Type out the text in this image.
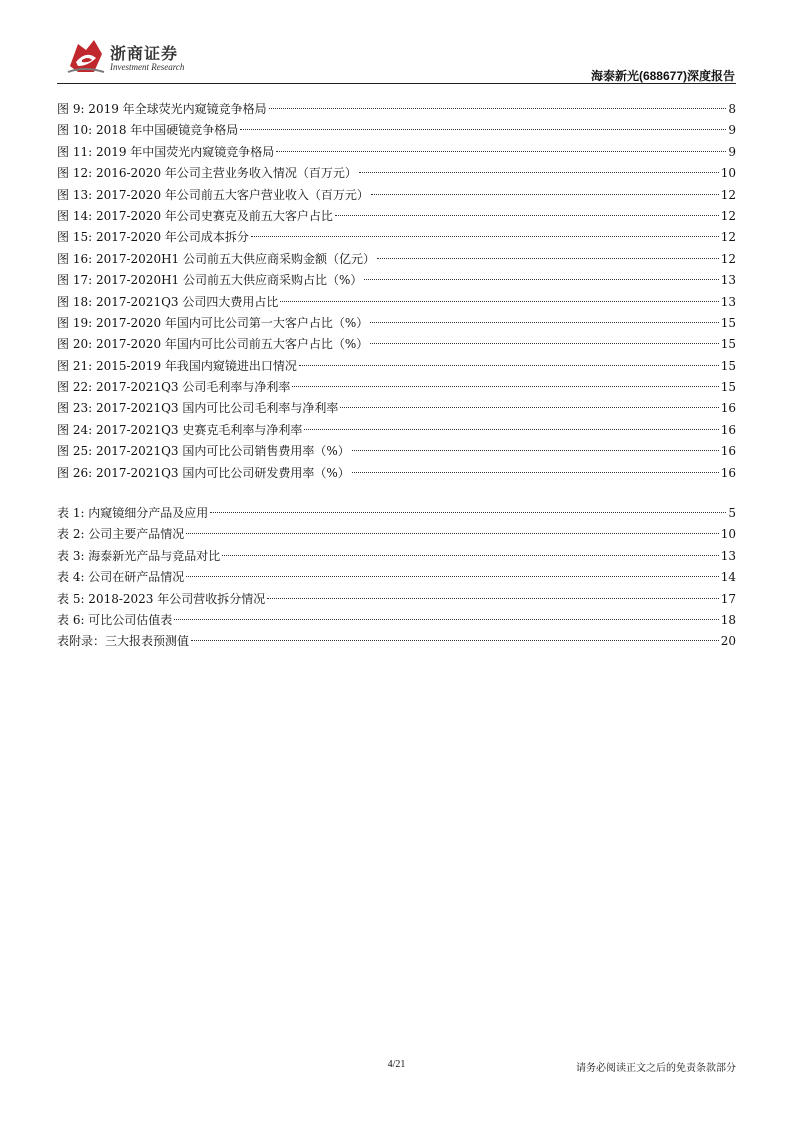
浙商证券
Investment Research
海泰新光(688677)深度报告
图 9: 2019 年全球荧光内窥镜竞争格局	8
图 10: 2018 年中国硬镜竞争格局	9
图 11: 2019 年中国荧光内窥镜竞争格局	9
图 12: 2016-2020 年公司主营业务收入情况（百万元）	10
图 13: 2017-2020 年公司前五大客户营业收入（百万元）	12
图 14: 2017-2020 年公司史赛克及前五大客户占比	12
图 15: 2017-2020 年公司成本拆分	12
图 16: 2017-2020H1 公司前五大供应商采购金额（亿元）	12
图 17: 2017-2020H1 公司前五大供应商采购占比（%）	13
图 18: 2017-2021Q3 公司四大费用占比	13
图 19: 2017-2020 年国内可比公司第一大客户占比（%）	15
图 20: 2017-2020 年国内可比公司前五大客户占比（%）	15
图 21: 2015-2019 年我国内窥镜进出口情况	15
图 22: 2017-2021Q3 公司毛利率与净利率	15
图 23: 2017-2021Q3 国内可比公司毛利率与净利率	16
图 24: 2017-2021Q3 史赛克毛利率与净利率	16
图 25: 2017-2021Q3 国内可比公司销售费用率（%）	16
图 26: 2017-2021Q3 国内可比公司研发费用率（%）	16
表 1: 内窥镜细分产品及应用	5
表 2: 公司主要产品情况	10
表 3: 海泰新光产品与竞品对比	13
表 4: 公司在研产品情况	14
表 5: 2018-2023 年公司营收拆分情况	17
表 6: 可比公司估值表	18
表附录：三大报表预测值	20
4/21	请务必阅读正文之后的免责条款部分
